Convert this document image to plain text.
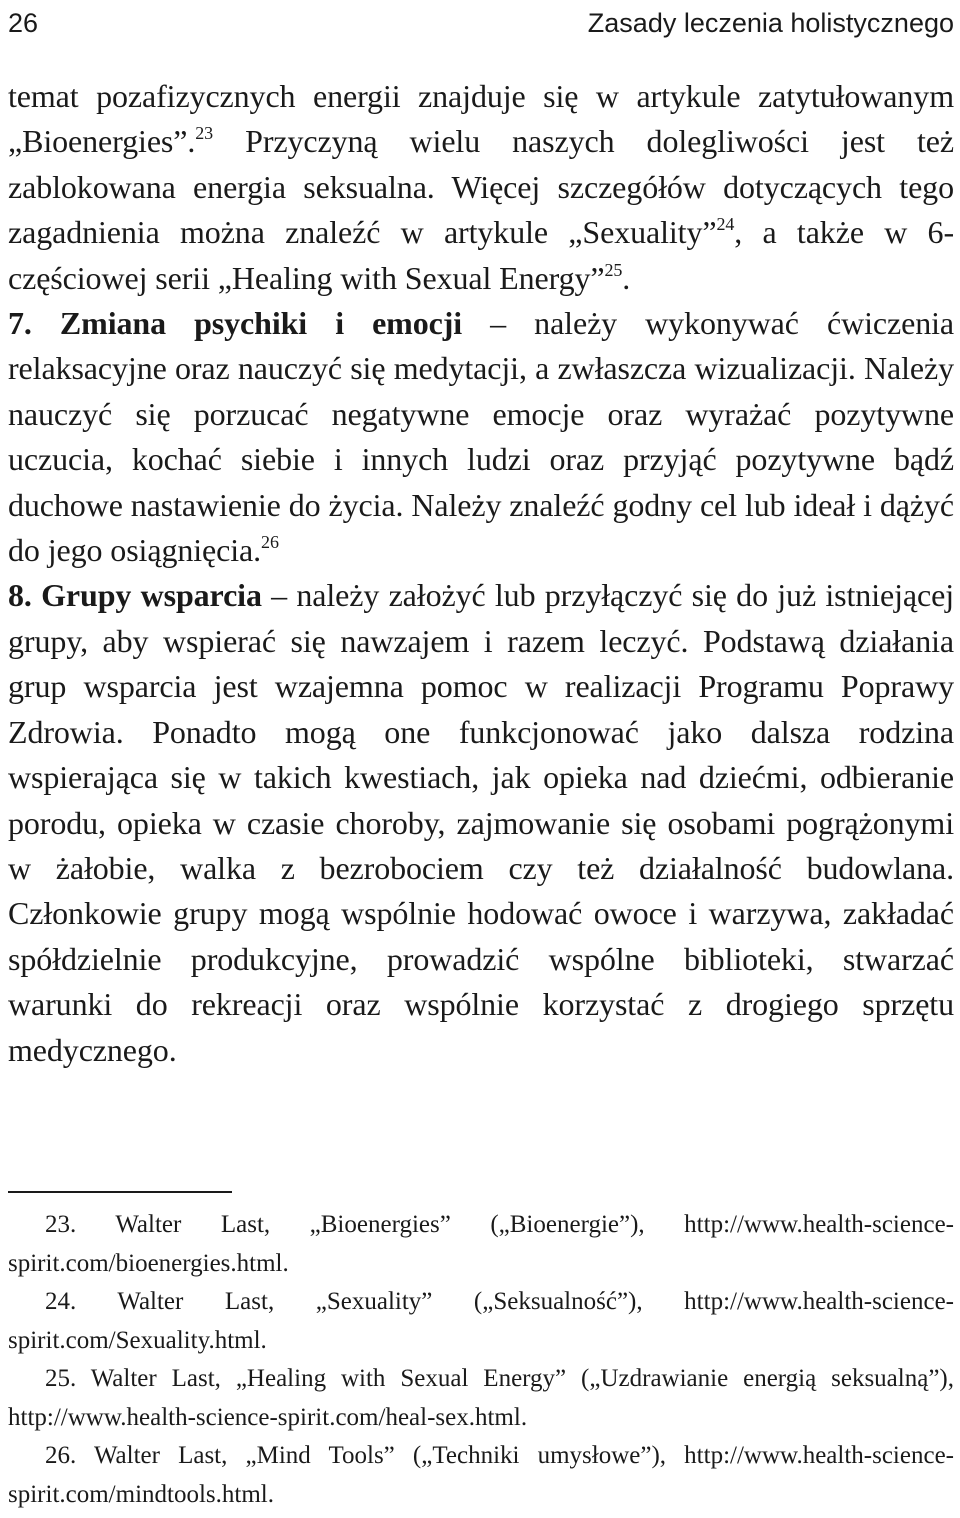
26	Zasady leczenia holistycznego

temat pozafizycznych energii znajduje się w artykule zatytułowanym „Bioenergies”.$^{23}$ Przyczyną wielu naszych dolegliwości jest też zablokowana energia seksualna. Więcej szczegółów dotyczących tego zagadnienia można znaleźć w artykule „Sexuality”$^{24}$, a także w 6-częściowej serii „Healing with Sexual Energy”$^{25}$.

7. Zmiana psychiki i emocji – należy wykonywać ćwiczenia relaksacyjne oraz nauczyć się medytacji, a zwłaszcza wizualizacji. Należy nauczyć się porzucać negatywne emocje oraz wyrażać pozytywne uczucia, kochać siebie i innych ludzi oraz przyjąć pozytywne bądź duchowe nastawienie do życia. Należy znaleźć godny cel lub ideał i dążyć do jego osiągnięcia.$^{26}$

8. Grupy wsparcia – należy założyć lub przyłączyć się do już istniejącej grupy, aby wspierać się nawzajem i razem leczyć. Podstawą działania grup wsparcia jest wzajemna pomoc w realizacji Programu Poprawy Zdrowia. Ponadto mogą one funkcjonować jako dalsza rodzina wspierająca się w takich kwestiach, jak opieka nad dziećmi, odbieranie porodu, opieka w czasie choroby, zajmowanie się osobami pogrążonymi w żałobie, walka z bezrobociem czy też działalność budowlana. Członkowie grupy mogą wspólnie hodować owoce i warzywa, zakładać spółdzielnie produkcyjne, prowadzić wspólne biblioteki, stwarzać warunki do rekreacji oraz wspólnie korzystać z drogiego sprzętu medycznego.

23. Walter Last, „Bioenergies” („Bioenergie”), http://www.health-science-spirit.com/bioenergies.html.

24. Walter Last, „Sexuality” („Seksualność”), http://www.health-science-spirit.com/Sexuality.html.

25. Walter Last, „Healing with Sexual Energy” („Uzdrawianie energią seksualną”), http://www.health-science-spirit.com/heal-sex.html.

26. Walter Last, „Mind Tools” („Techniki umysłowe”), http://www.health-science-spirit.com/mindtools.html.
